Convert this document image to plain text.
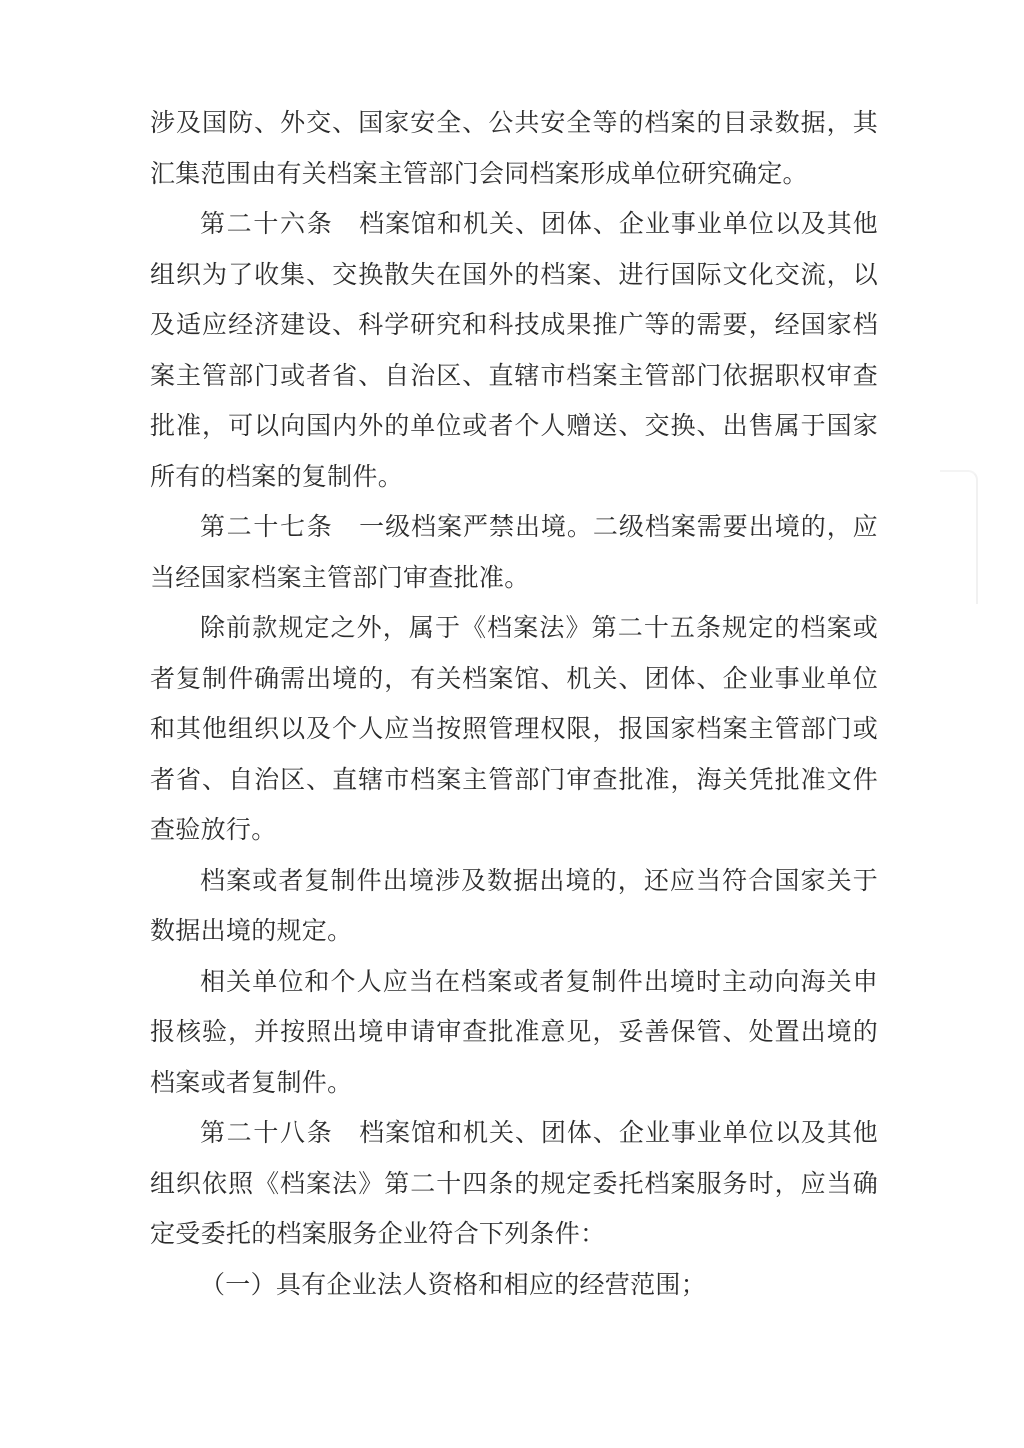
涉及国防、外交、国家安全、公共安全等的档案的目录数据，其汇集范围由有关档案主管部门会同档案形成单位研究确定。

第二十六条 档案馆和机关、团体、企业事业单位以及其他组织为了收集、交换散失在国外的档案、进行国际文化交流，以及适应经济建设、科学研究和科技成果推广等的需要，经国家档案主管部门或者省、自治区、直辖市档案主管部门依据职权审查批准，可以向国内外的单位或者个人赠送、交换、出售属于国家所有的档案的复制件。

第二十七条 一级档案严禁出境。二级档案需要出境的，应当经国家档案主管部门审查批准。

除前款规定之外，属于《档案法》第二十五条规定的档案或者复制件确需出境的，有关档案馆、机关、团体、企业事业单位和其他组织以及个人应当按照管理权限，报国家档案主管部门或者省、自治区、直辖市档案主管部门审查批准，海关凭批准文件查验放行。

档案或者复制件出境涉及数据出境的，还应当符合国家关于数据出境的规定。

相关单位和个人应当在档案或者复制件出境时主动向海关申报核验，并按照出境申请审查批准意见，妥善保管、处置出境的档案或者复制件。

第二十八条 档案馆和机关、团体、企业事业单位以及其他组织依照《档案法》第二十四条的规定委托档案服务时，应当确定受委托的档案服务企业符合下列条件：

（一）具有企业法人资格和相应的经营范围；
